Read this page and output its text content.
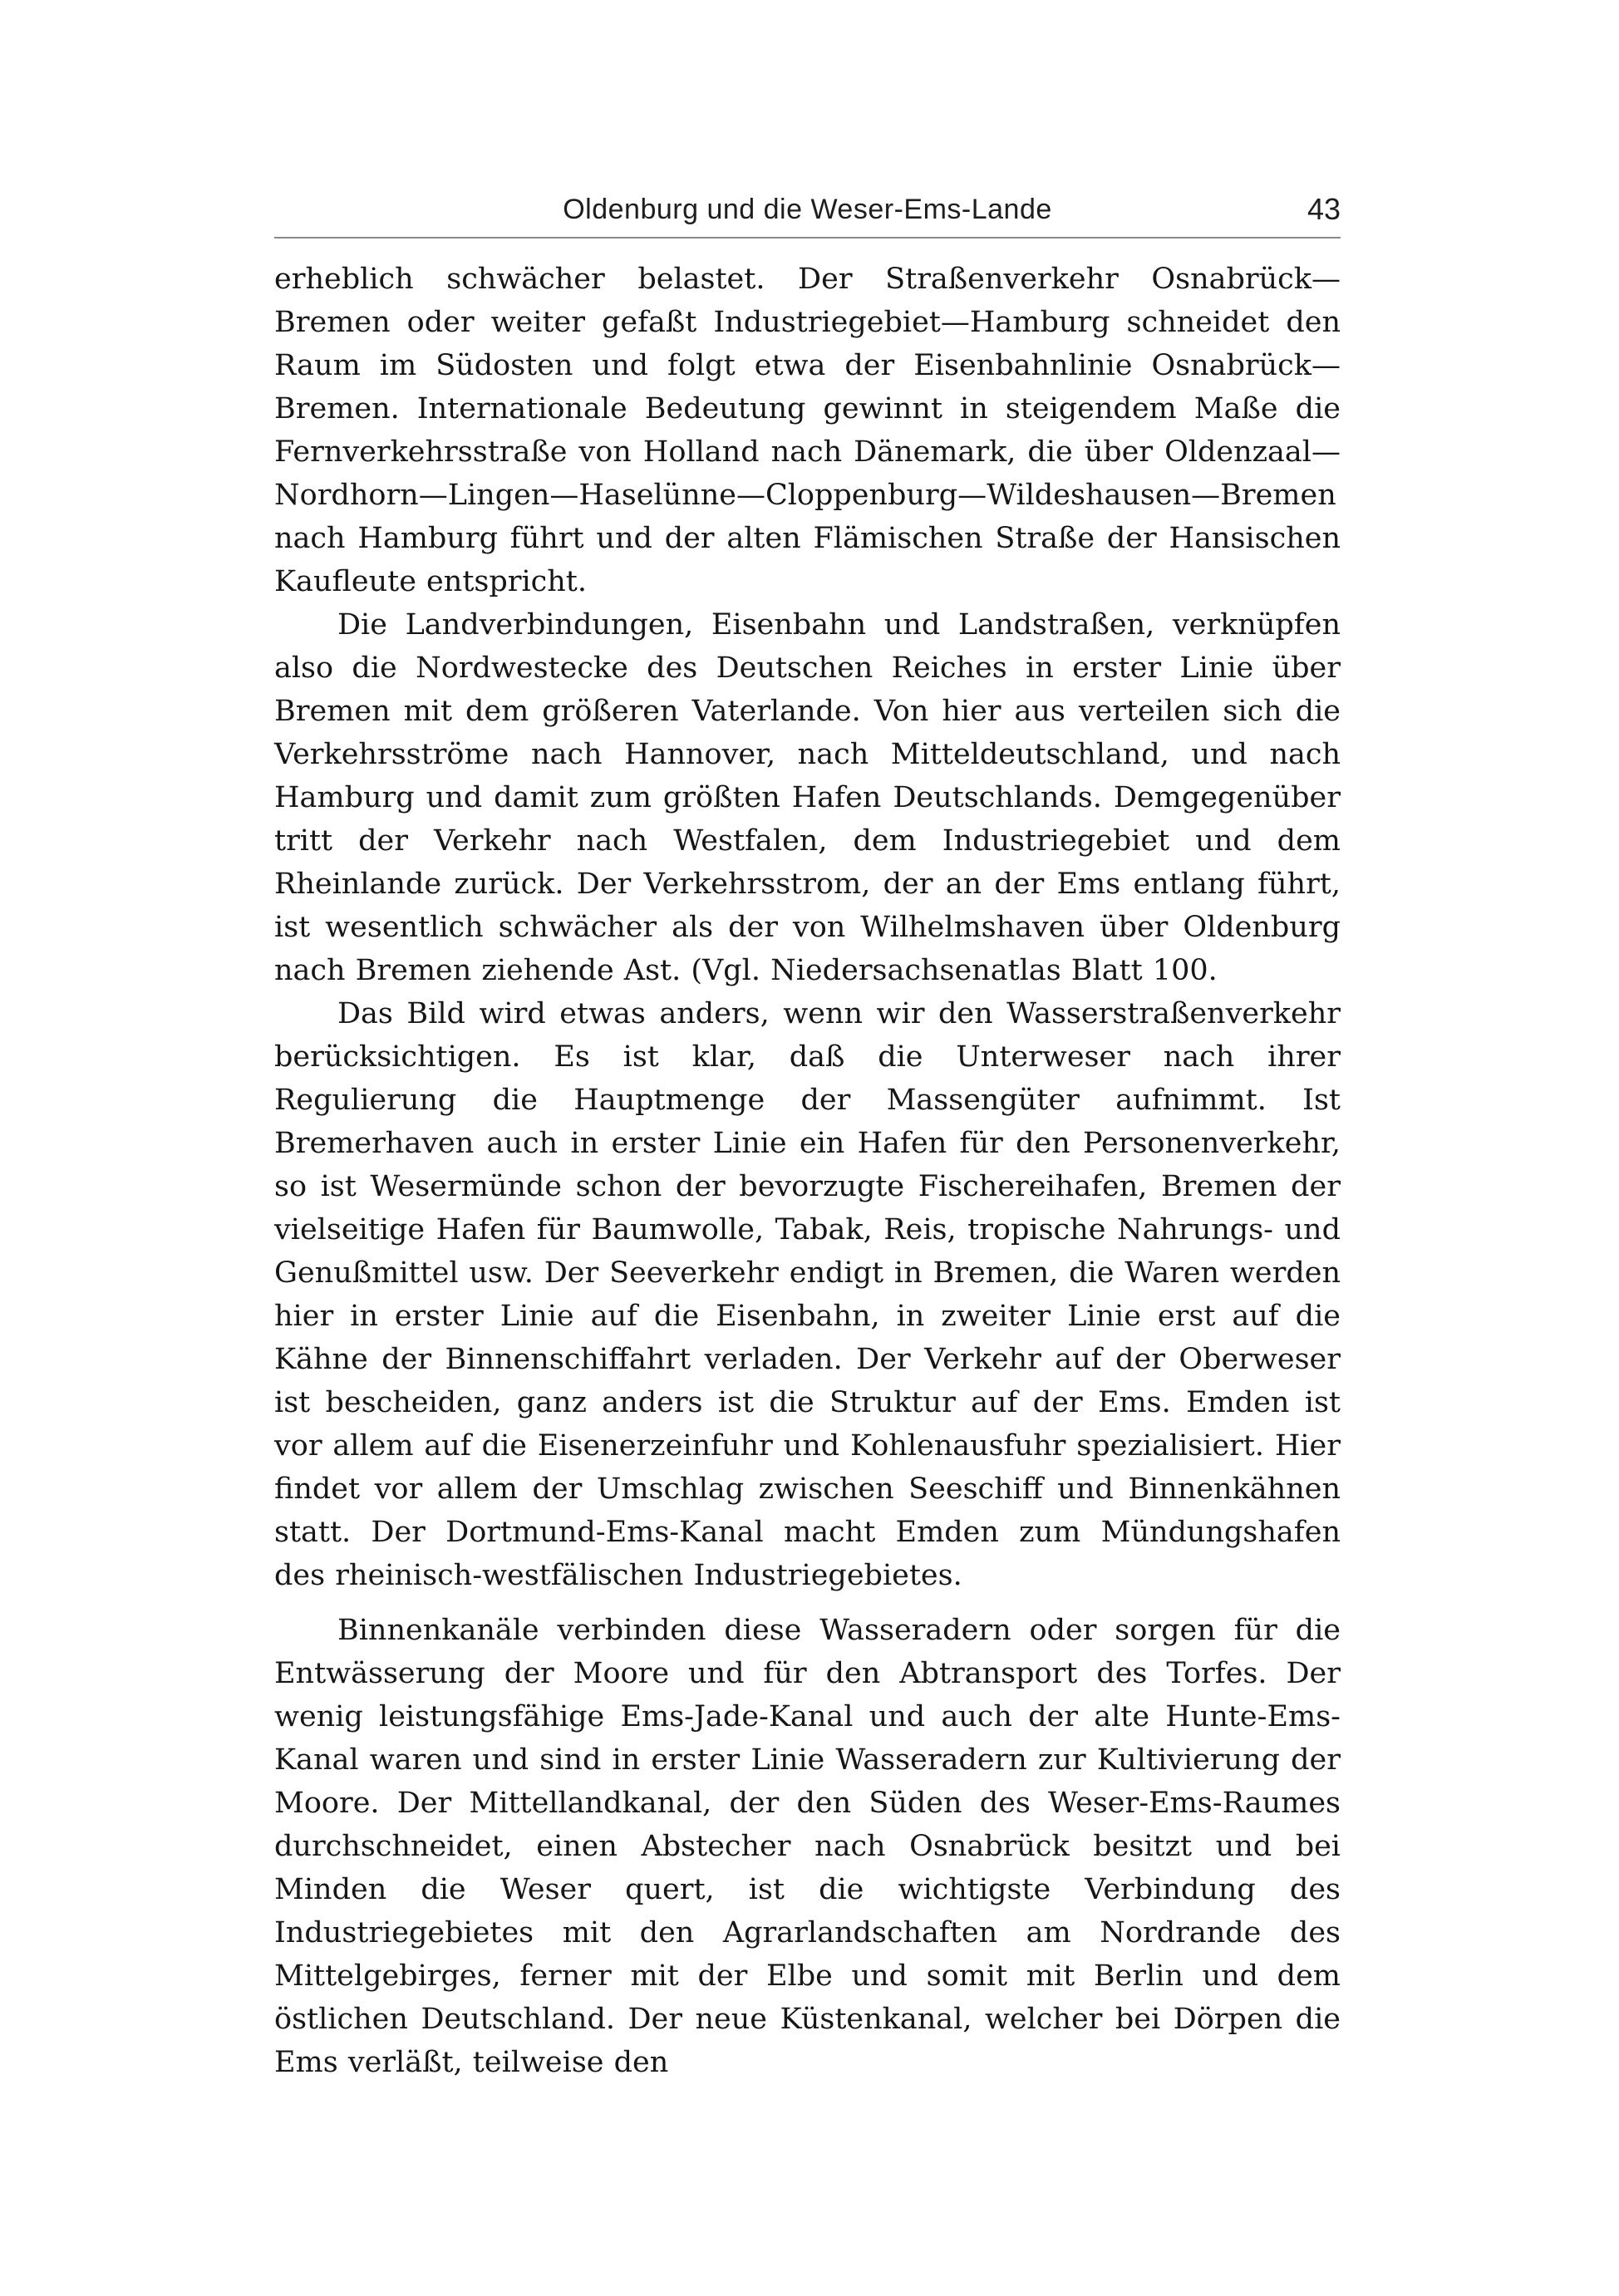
Oldenburg und die Weser-Ems-Lande	43

erheblich schwächer belastet. Der Straßenverkehr Osnabrück—Bremen oder weiter gefaßt Industriegebiet—Hamburg schneidet den Raum im Südosten und folgt etwa der Eisenbahnlinie Osnabrück—Bremen. Internationale Bedeutung gewinnt in steigendem Maße die Fernverkehrsstraße von Holland nach Dänemark, die über Oldenzaal—Nordhorn—Lingen—Haselünne—Cloppenburg—Wildeshausen—Bremen nach Hamburg führt und der alten Flämischen Straße der Hansischen Kaufleute entspricht.

Die Landverbindungen, Eisenbahn und Landstraßen, verknüpfen also die Nordwestecke des Deutschen Reiches in erster Linie über Bremen mit dem größeren Vaterlande. Von hier aus verteilen sich die Verkehrsströme nach Hannover, nach Mitteldeutschland, und nach Hamburg und damit zum größten Hafen Deutschlands. Demgegenüber tritt der Verkehr nach Westfalen, dem Industriegebiet und dem Rheinlande zurück. Der Verkehrsstrom, der an der Ems entlang führt, ist wesentlich schwächer als der von Wilhelmshaven über Oldenburg nach Bremen ziehende Ast. (Vgl. Niedersachsenatlas Blatt 100.

Das Bild wird etwas anders, wenn wir den Wasserstraßenverkehr berücksichtigen. Es ist klar, daß die Unterweser nach ihrer Regulierung die Hauptmenge der Massengüter aufnimmt. Ist Bremerhaven auch in erster Linie ein Hafen für den Personenverkehr, so ist Wesermünde schon der bevorzugte Fischereihafen, Bremen der vielseitige Hafen für Baumwolle, Tabak, Reis, tropische Nahrungs- und Genußmittel usw. Der Seeverkehr endigt in Bremen, die Waren werden hier in erster Linie auf die Eisenbahn, in zweiter Linie erst auf die Kähne der Binnenschiffahrt verladen. Der Verkehr auf der Oberweser ist bescheiden, ganz anders ist die Struktur auf der Ems. Emden ist vor allem auf die Eisenerzeinfuhr und Kohlenausfuhr spezialisiert. Hier findet vor allem der Umschlag zwischen Seeschiff und Binnenkähnen statt. Der Dortmund-Ems-Kanal macht Emden zum Mündungshafen des rheinisch-westfälischen Industriegebietes.

Binnenkanäle verbinden diese Wasseradern oder sorgen für die Entwässerung der Moore und für den Abtransport des Torfes. Der wenig leistungsfähige Ems-Jade-Kanal und auch der alte Hunte-Ems-Kanal waren und sind in erster Linie Wasseradern zur Kultivierung der Moore. Der Mittellandkanal, der den Süden des Weser-Ems-Raumes durchschneidet, einen Abstecher nach Osnabrück besitzt und bei Minden die Weser quert, ist die wichtigste Verbindung des Industriegebietes mit den Agrarlandschaften am Nordrande des Mittelgebirges, ferner mit der Elbe und somit mit Berlin und dem östlichen Deutschland. Der neue Küstenkanal, welcher bei Dörpen die Ems verläßt, teilweise den
